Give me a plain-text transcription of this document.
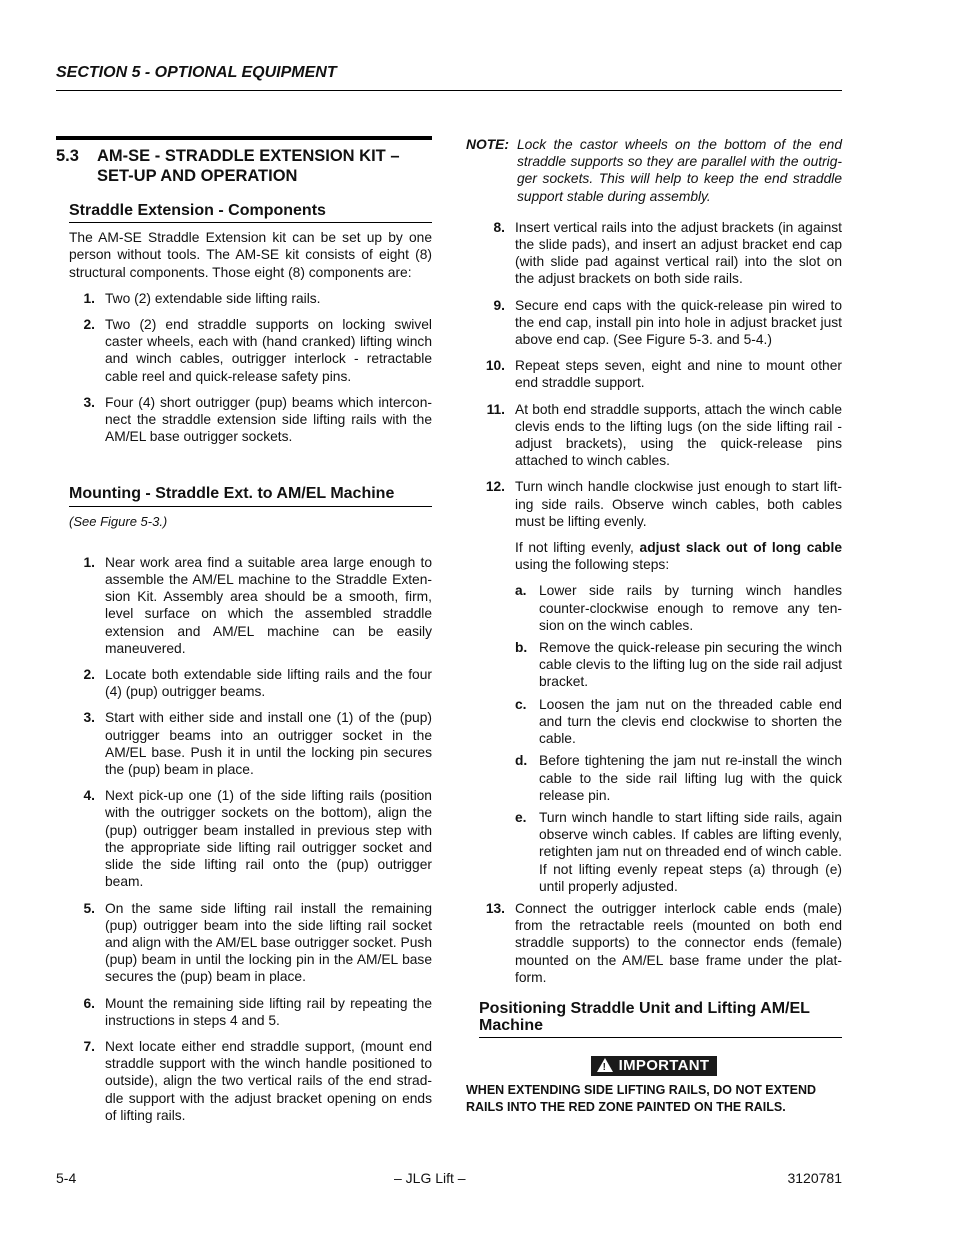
SECTION 5 - OPTIONAL EQUIPMENT
5.3	AM-SE - STRADDLE EXTENSION KIT – SET-UP AND OPERATION
Straddle Extension - Components

The AM-SE Straddle Extension kit can be set up by one person without tools. The AM-SE kit consists of eight (8) structural components. Those eight (8) components are:

1. Two (2) extendable side lifting rails.
2. Two (2) end straddle supports on locking swivel caster wheels, each with (hand cranked) lifting winch and winch cables, outrigger interlock - retractable cable reel and quick-release safety pins.
3. Four (4) short outrigger (pup) beams which intercon-nect the straddle extension side lifting rails with the AM/EL base outrigger sockets.
Mounting - Straddle Ext. to AM/EL Machine

(See Figure 5-3.)

1. Near work area find a suitable area large enough to assemble the AM/EL machine to the Straddle Exten-sion Kit. Assembly area should be a smooth, firm, level surface on which the assembled straddle extension and AM/EL machine can be easily maneuvered.
2. Locate both extendable side lifting rails and the four (4) (pup) outrigger beams.
3. Start with either side and install one (1) of the (pup) outrigger beams into an outrigger socket in the AM/EL base. Push it in until the locking pin secures the (pup) beam in place.
4. Next pick-up one (1) of the side lifting rails (position with the outrigger sockets on the bottom), align the (pup) outrigger beam installed in previous step with the appropriate side lifting rail outrigger socket and slide the side lifting rail onto the (pup) outrigger beam.
5. On the same side lifting rail install the remaining (pup) outrigger beam into the side lifting rail socket and align with the AM/EL base outrigger socket. Push (pup) beam in until the locking pin in the AM/EL base secures the (pup) beam in place.
6. Mount the remaining side lifting rail by repeating the instructions in steps 4 and 5.
7. Next locate either end straddle support, (mount end straddle support with the winch handle positioned to outside), align the two vertical rails of the end strad-dle support with the adjust bracket opening on ends of lifting rails.
NOTE: Lock the castor wheels on the bottom of the end straddle supports so they are parallel with the outrig-ger sockets. This will help to keep the end straddle support stable during assembly.
8. Insert vertical rails into the adjust brackets (in against the slide pads), and insert an adjust bracket end cap (with slide pad against vertical rail) into the slot on the adjust brackets on both side rails.
9. Secure end caps with the quick-release pin wired to the end cap, install pin into hole in adjust bracket just above end cap. (See Figure 5-3. and 5-4.)
10. Repeat steps seven, eight and nine to mount other end straddle support.
11. At both end straddle supports, attach the winch cable clevis ends to the lifting lugs (on the side lifting rail - adjust brackets), using the quick-release pins attached to winch cables.
12. Turn winch handle clockwise just enough to start lift-ing side rails. Observe winch cables, both cables must be lifting evenly.

If not lifting evenly, adjust slack out of long cable using the following steps:

a. Lower side rails by turning winch handles counter-clockwise enough to remove any ten-sion on the winch cables.
b. Remove the quick-release pin securing the winch cable clevis to the lifting lug on the side rail adjust bracket.
c. Loosen the jam nut on the threaded cable end and turn the clevis end clockwise to shorten the cable.
d. Before tightening the jam nut re-install the winch cable to the side rail lifting lug with the quick release pin.
e. Turn winch handle to start lifting side rails, again observe winch cables. If cables are lifting evenly, retighten jam nut on threaded end of winch cable. If not lifting evenly repeat steps (a) through (e) until properly adjusted.
13. Connect the outrigger interlock cable ends (male) from the retractable reels (mounted on both end straddle supports) to the connector ends (female) mounted on the AM/EL base frame under the plat-form.
Positioning Straddle Unit and Lifting AM/EL Machine
!IMPORTANT
WHEN EXTENDING SIDE LIFTING RAILS, DO NOT EXTEND RAILS INTO THE RED ZONE PAINTED ON THE RAILS.
5-4	– JLG Lift –	3120781
